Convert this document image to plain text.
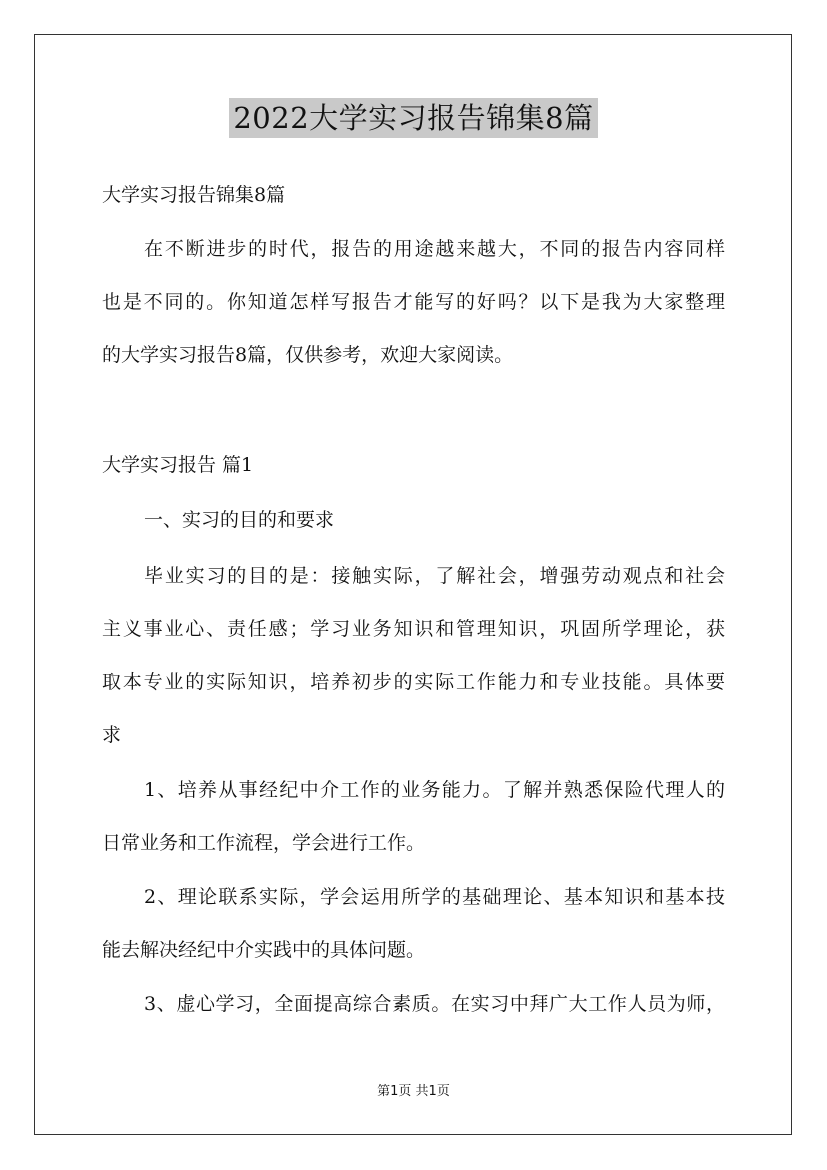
2022大学实习报告锦集8篇
大学实习报告锦集8篇
在不断进步的时代，报告的用途越来越大，不同的报告内容同样
也是不同的。你知道怎样写报告才能写的好吗？以下是我为大家整理
的大学实习报告8篇，仅供参考，欢迎大家阅读。
大学实习报告 篇1
一、实习的目的和要求
毕业实习的目的是：接触实际，了解社会，增强劳动观点和社会
主义事业心、责任感；学习业务知识和管理知识，巩固所学理论，获
取本专业的实际知识，培养初步的实际工作能力和专业技能。具体要
求
1、培养从事经纪中介工作的业务能力。了解并熟悉保险代理人的
日常业务和工作流程，学会进行工作。
2、理论联系实际，学会运用所学的基础理论、基本知识和基本技
能去解决经纪中介实践中的具体问题。
3、虚心学习，全面提高综合素质。在实习中拜广大工作人员为师，
第1页 共1页
